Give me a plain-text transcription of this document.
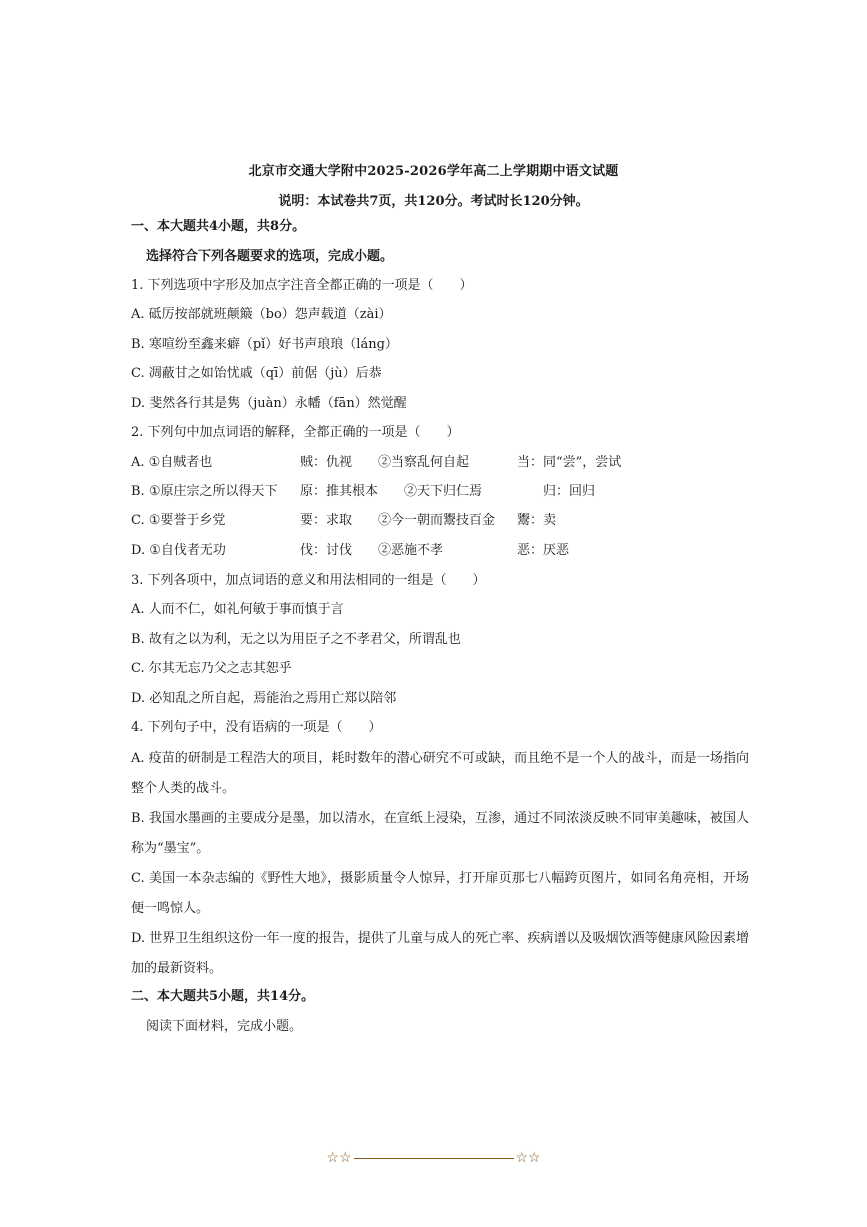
北京市交通大学附中2025-2026学年高二上学期期中语文试题
说明：本试卷共7页，共120分。考试时长120分钟。
一、本大题共4小题，共8分。
选择符合下列各题要求的选项，完成小题。
1. 下列选项中字形及加点字注音全都正确的一项是（　　）
A. 砥厉按部就班颠簸（bo）怨声载道（zài）
B. 寒喧纷至鑫来癖（pǐ）好书声琅琅（láng）
C. 凋蔽甘之如饴忧戚（qī）前倨（jù）后恭
D. 斐然各行其是隽（juàn）永幡（fān）然觉醒
2. 下列句中加点词语的解释，全都正确的一项是（　　）
A. ①自贼者也	贼：仇视 ②当察乱何自起	当：同“尝”，尝试
B. ①原庄宗之所以得天下 原：推其根本 ②天下归仁焉	归：回归
C. ①要誉于乡党	要：求取 ②今一朝而鬻技百金 鬻：卖
D. ①自伐者无功	伐：讨伐 ②恶施不孝	恶：厌恶
3. 下列各项中，加点词语的意义和用法相同的一组是（　　）
A. 人而不仁，如礼何敏于事而慎于言
B. 故有之以为利，无之以为用臣子之不孝君父，所谓乱也
C. 尔其无忘乃父之志其恕乎
D. 必知乱之所自起，焉能治之焉用亡郑以陪邻
4. 下列句子中，没有语病的一项是（　　）
A. 疫苗的研制是工程浩大的项目，耗时数年的潜心研究不可或缺，而且绝不是一个人的战斗，而是一场指向整个人类的战斗。
B. 我国水墨画的主要成分是墨，加以清水，在宣纸上浸染，互渗，通过不同浓淡反映不同审美趣味，被国人称为“墨宝”。
C. 美国一本杂志编的《野性大地》，摄影质量令人惊异，打开扉页那七八幅跨页图片，如同名角亮相，开场便一鸣惊人。
D. 世界卫生组织这份一年一度的报告，提供了儿童与成人的死亡率、疾病谱以及吸烟饮酒等健康风险因素增加的最新资料。
二、本大题共5小题，共14分。
阅读下面材料，完成小题。
☆☆	☆☆
